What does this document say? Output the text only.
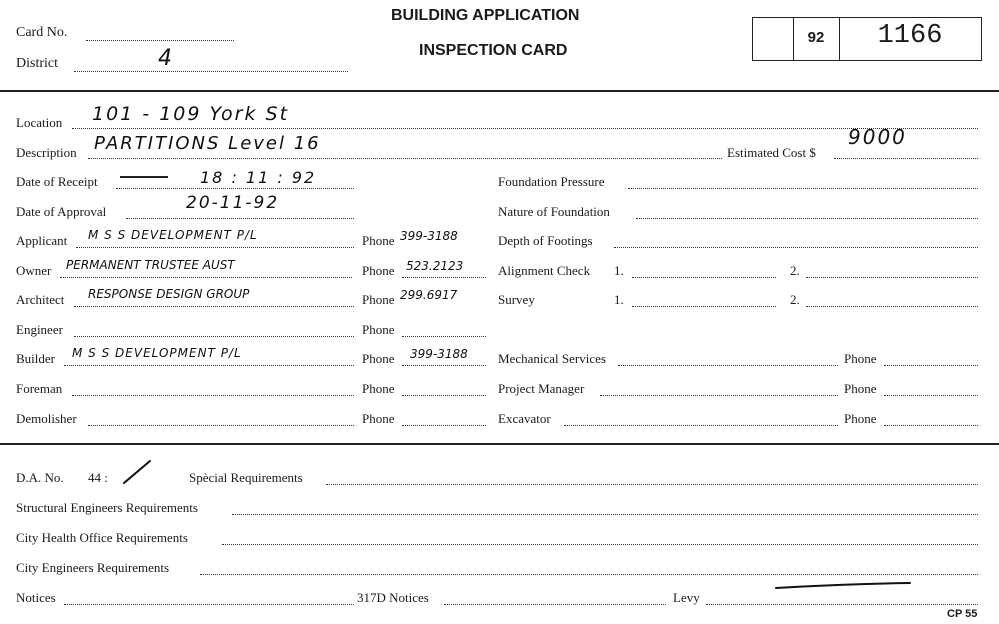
Card No.
District	4
BUILDING APPLICATION
INSPECTION CARD
92	1166
Location 101 - 109 York St
Description PARTITIONS Level 16	Estimated Cost $
9000
Date of Receipt	18 : 11 : 92
Date of Approval	20-11-92
Applicant M S S DEVELOPMENT P/L	Phone 399-3188
Owner PERMANENT TRUSTEE AUST	Phone 523.2123
Architect RESPONSE DESIGN GROUP	Phone 299.6917
Engineer	Phone
Builder M S S DEVELOPMENT P/L	Phone 399-3188
Foreman	Phone
Demolisher	Phone
Foundation Pressure
Nature of Foundation
Depth of Footings
Alignment Check 1.	2.
Survey	1.	2.
Mechanical Services	Phone
Project Manager	Phone
Excavator	Phone
D.A. No. 44 :	Spècial Requirements
Structural Engineers Requirements
City Health Office Requirements
City Engineers Requirements
Notices	317D Notices	Levy
CP 55
